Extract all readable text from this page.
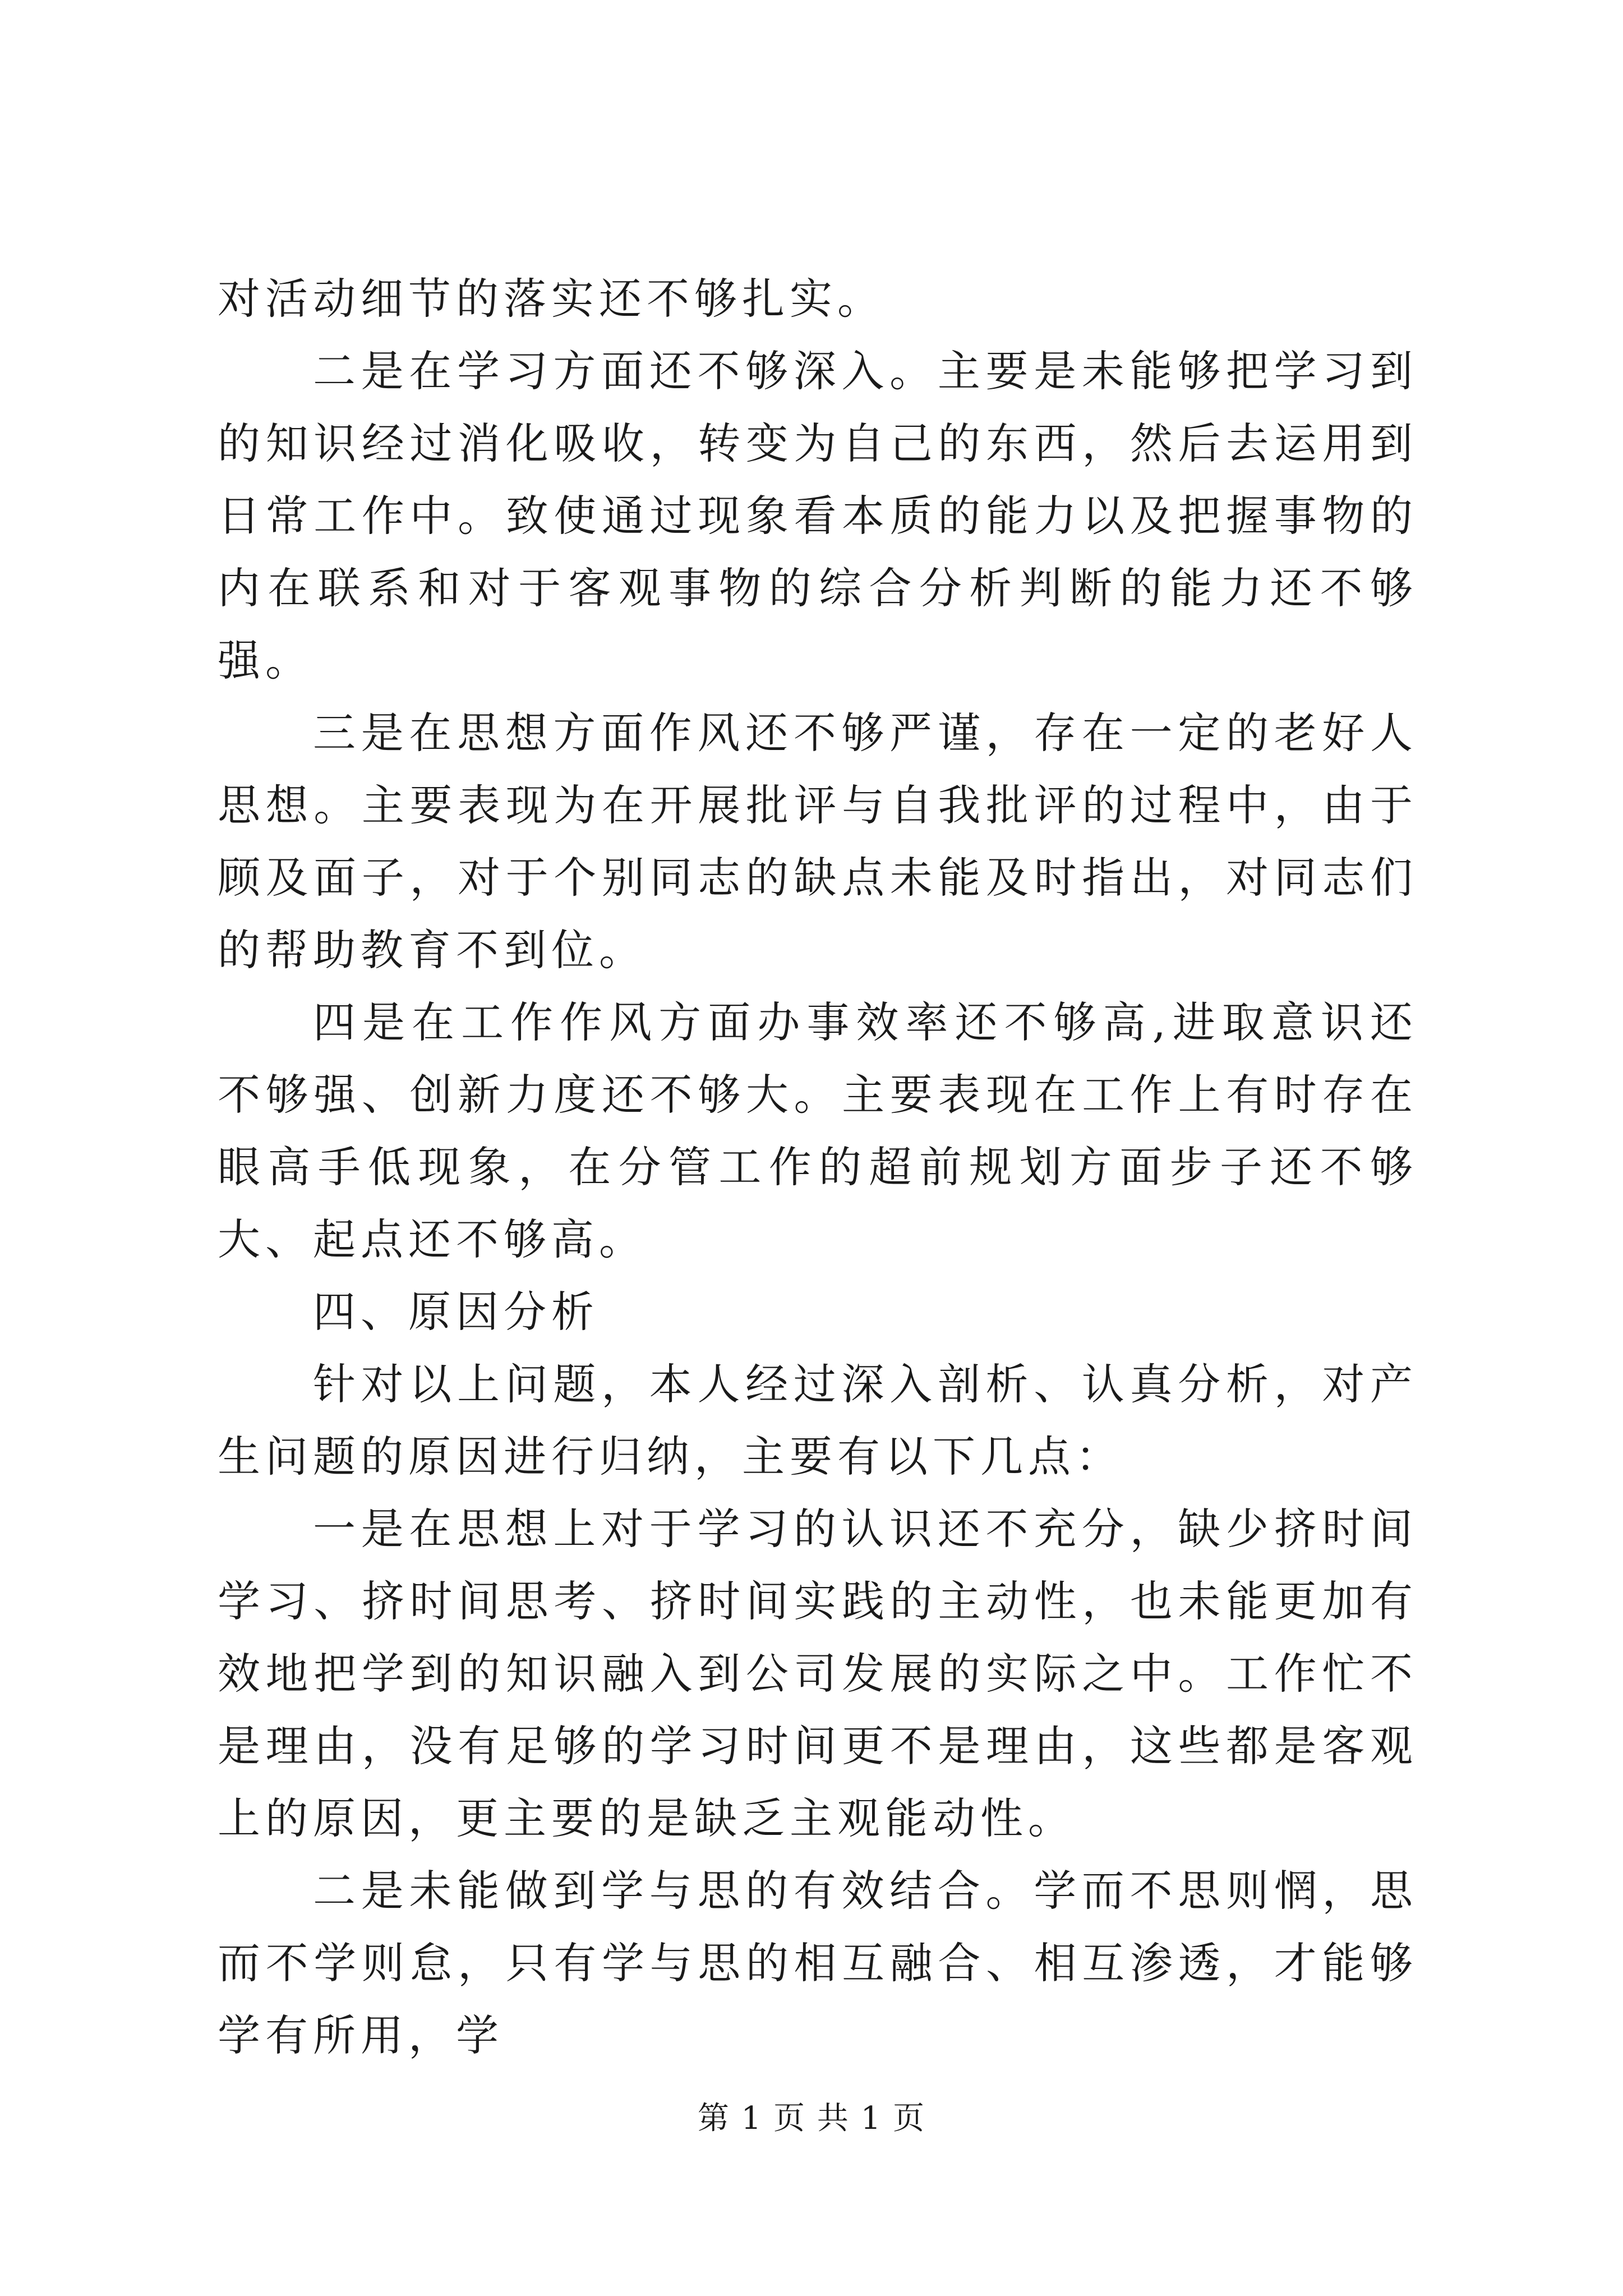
对活动细节的落实还不够扎实。

二是在学习方面还不够深入。主要是未能够把学习到的知识经过消化吸收，转变为自己的东西，然后去运用到日常工作中。致使通过现象看本质的能力以及把握事物的内在联系和对于客观事物的综合分析判断的能力还不够强。

三是在思想方面作风还不够严谨，存在一定的老好人思想。主要表现为在开展批评与自我批评的过程中，由于顾及面子，对于个别同志的缺点未能及时指出，对同志们的帮助教育不到位。

四是在工作作风方面办事效率还不够高,进取意识还不够强、创新力度还不够大。主要表现在工作上有时存在眼高手低现象，在分管工作的超前规划方面步子还不够大、起点还不够高。

四、原因分析

针对以上问题，本人经过深入剖析、认真分析，对产生问题的原因进行归纳，主要有以下几点：

一是在思想上对于学习的认识还不充分，缺少挤时间学习、挤时间思考、挤时间实践的主动性，也未能更加有效地把学到的知识融入到公司发展的实际之中。工作忙不是理由，没有足够的学习时间更不是理由，这些都是客观上的原因，更主要的是缺乏主观能动性。

二是未能做到学与思的有效结合。学而不思则惘，思而不学则怠，只有学与思的相互融合、相互渗透，才能够学有所用，学

第 1 页 共 1 页
